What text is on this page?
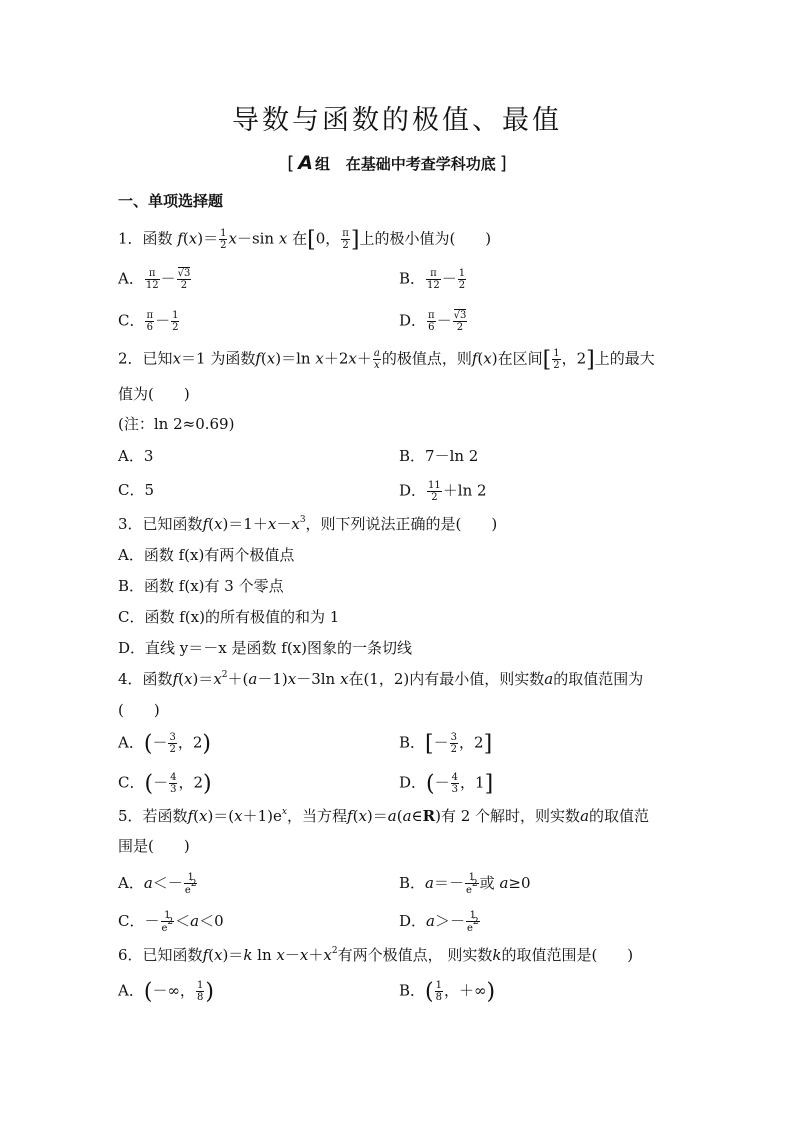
导数与函数的极值、最值
[ A 组 在基础中考查学科功底 ]
一、单项选择题
1．函数 $f(x)= \frac{1}{2} x-\sin$ x 在[0， $\frac{\pi}{2}$ ]上的极小值为(　　)
A． $\frac{\pi}{12} - \frac{√3}{2}$	B． $\frac{\pi}{12} - \frac{1}{2}$
C． $\frac{\pi}{6} - \frac{1}{2}$	D． $\frac{\pi}{6} - \frac{√3}{2}$
2．已知x＝1 为函数f(x)＝ln $x+2x+ \frac{a}{x}$ 的极值点，则f(x)在区间[ $\frac{1}{2}$ ，2]上的最大
值为(　　)
(注：ln 2≈0.69)
A．3	B．7－ln 2
C．5	D． $\frac{11}{2} +\ln$ 2
3．已知函数$f(x)=1+x-x^3$，则下列说法正确的是(　　)
A．函数 f(x)有两个极值点
B．函数 f(x)有 3 个零点
C．函数 f(x)的所有极值的和为 1
D．直线 y＝－x 是函数 f(x)图象的一条切线
4．函数$f(x)=x^2+(a-1)x-3\ln$ x在(1，2)内有最小值，则实数a的取值范围为
(　　)
A．(－ $\frac{3}{2}$ ，2)	B．[－ $\frac{3}{2}$ ，2]
C．(－ $\frac{4}{3}$ ，2)	D．(－ $\frac{4}{3}$ ，1]
5．若函数$f(x)=(x+1)e^x$，当方程f(x)＝a(a∈R)有 2 个解时，则实数a的取值范
围是(　　)
A．$a<- \frac{1}{e^2}$	B．$a=- \frac{1}{e^2}$ 或 a≥0
C．－ $\frac{1}{e^2} <a<0$	D．$a>- \frac{1}{e^2}$
6．已知函数f(x)＝k $\ln x-x+x^2$有两个极值点， 则实数k的取值范围是(　　)
A．(－∞， $\frac{1}{8}$ )	B．( $\frac{1}{8}$ ，＋∞)
